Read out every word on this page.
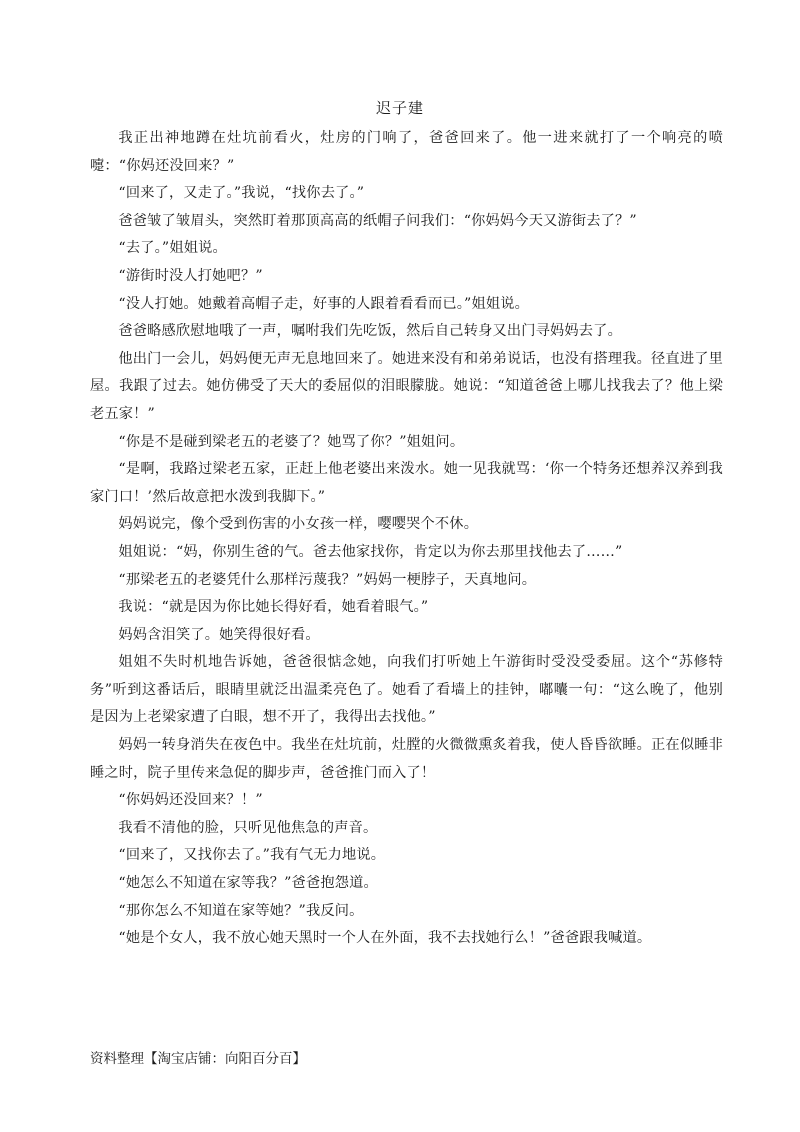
迟子建

我正出神地蹲在灶坑前看火，灶房的门响了，爸爸回来了。他一进来就打了一个响亮的喷嚏：“你妈还没回来？”

“回来了，又走了。”我说，“找你去了。”

爸爸皱了皱眉头，突然盯着那顶高高的纸帽子问我们：“你妈妈今天又游街去了？”

“去了。”姐姐说。

“游街时没人打她吧？”

“没人打她。她戴着高帽子走，好事的人跟着看看而已。”姐姐说。

爸爸略感欣慰地哦了一声，嘱咐我们先吃饭，然后自己转身又出门寻妈妈去了。

他出门一会儿，妈妈便无声无息地回来了。她进来没有和弟弟说话，也没有搭理我。径直进了里屋。我跟了过去。她仿佛受了天大的委屈似的泪眼朦胧。她说：“知道爸爸上哪儿找我去了？他上梁老五家！”

“你是不是碰到梁老五的老婆了？她骂了你？”姐姐问。

“是啊，我路过梁老五家，正赶上他老婆出来泼水。她一见我就骂：‘你一个特务还想养汉养到我家门口！’然后故意把水泼到我脚下。”

妈妈说完，像个受到伤害的小女孩一样，嘤嘤哭个不休。

姐姐说：“妈，你别生爸的气。爸去他家找你，肯定以为你去那里找他去了……”

“那梁老五的老婆凭什么那样污蔑我？”妈妈一梗脖子，天真地问。

我说：“就是因为你比她长得好看，她看着眼气。”

妈妈含泪笑了。她笑得很好看。

姐姐不失时机地告诉她，爸爸很惦念她，向我们打听她上午游街时受没受委屈。这个“苏修特务”听到这番话后，眼睛里就泛出温柔亮色了。她看了看墙上的挂钟，嘟囔一句：“这么晚了，他别是因为上老梁家遭了白眼，想不开了，我得出去找他。”

妈妈一转身消失在夜色中。我坐在灶坑前，灶膛的火微微熏炙着我，使人昏昏欲睡。正在似睡非睡之时，院子里传来急促的脚步声，爸爸推门而入了！

“你妈妈还没回来？！”

我看不清他的脸，只听见他焦急的声音。

“回来了，又找你去了。”我有气无力地说。

“她怎么不知道在家等我？”爸爸抱怨道。

“那你怎么不知道在家等她？”我反问。

“她是个女人，我不放心她天黑时一个人在外面，我不去找她行么！”爸爸跟我喊道。

资料整理【淘宝店铺：向阳百分百】
